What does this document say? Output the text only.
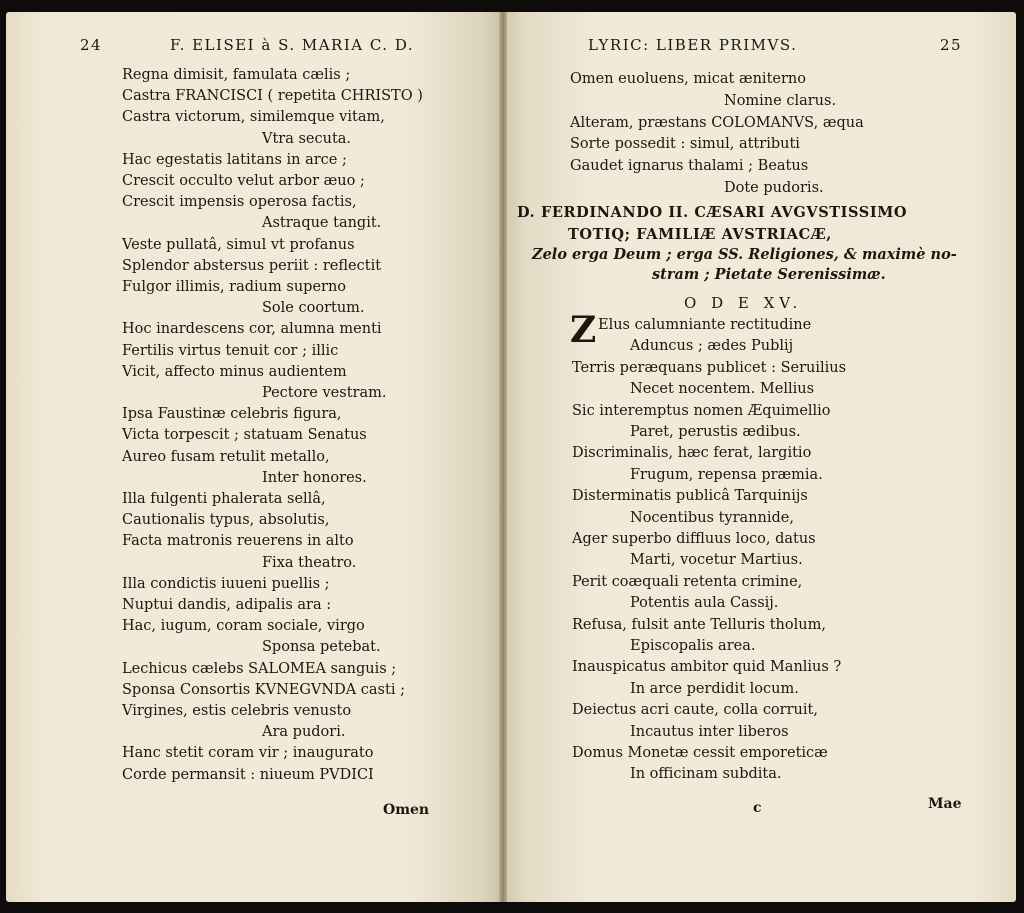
24	F. ELISEI à S. MARIA C. D.	LYRIC: LIBER PRIMVS.	25
Regna dimisit, famulata cælis ;
Castra FRANCISCI ( repetita CHRISTO )
Castra victorum, similemque vitam,
Vtra secuta.
Hac egestatis latitans in arce ;
Crescit occulto velut arbor æuo ;
Crescit impensis operosa factis,
Astraque tangit.
Veste pullatâ, simul vt profanus
Splendor abstersus periit : reflectit
Fulgor illimis, radium superno
Sole coortum.
Hoc inardescens cor, alumna menti
Fertilis virtus tenuit cor ; illic
Vicit, affecto minus audientem
Pectore vestram.
Ipsa Faustinæ celebris figura,
Victa torpescit ; statuam Senatus
Aureo fusam retulit metallo,
Inter honores.
Illa fulgenti phalerata sellâ,
Cautionalis typus, absolutis,
Facta matronis reuerens in alto
Fixa theatro.
Illa condictis iuueni puellis ;
Nuptui dandis, adipalis ara :
Hac, iugum, coram sociale, virgo
Sponsa petebat.
Lechicus cælebs SALOMEA sanguis ;
Sponsa Consortis KVNEGVNDA casti ;
Virgines, estis celebris venusto
Ara pudori.
Hanc stetit coram vir ; inaugurato
Corde permansit : niueum PVDICI
Omen euoluens, micat æniterno
Nomine clarus.
Alteram, præstans COLOMANVS, æqua
Sorte possedit : simul, attributi
Gaudet ignarus thalami ; Beatus
Dote pudoris.
D. FERDINANDO II. CÆSARI AVGVSTISSIMO
TOTIQ; FAMILIÆ AVSTRIACÆ,
Zelo erga Deum ; erga SS. Religiones, & maximè no-
stram ; Pietate Serenissimæ.
O D E XV.
Z Elus calumniante rectitudine
Aduncus ; ædes Publij
Terris peræquans publicet : Seruilius
Necet nocentem. Mellius
Sic interemptus nomen Æquimellio
Paret, perustis ædibus.
Discriminalis, hæc ferat, largitio
Frugum, repensa præmia.
Disterminatis publicâ Tarquinijs
Nocentibus tyrannide,
Ager superbo diffluus loco, datus
Marti, vocetur Martius.
Perit coæquali retenta crimine,
Potentis aula Cassij.
Refusa, fulsit ante Telluris tholum,
Episcopalis area.
Inauspicatus ambitor quid Manlius ?
In arce perdidit locum.
Deiectus acri caute, colla corruit,
Incautus inter liberos
Domus Monetæ cessit emporeticæ
In officinam subdita.
Omen	c	Mae
